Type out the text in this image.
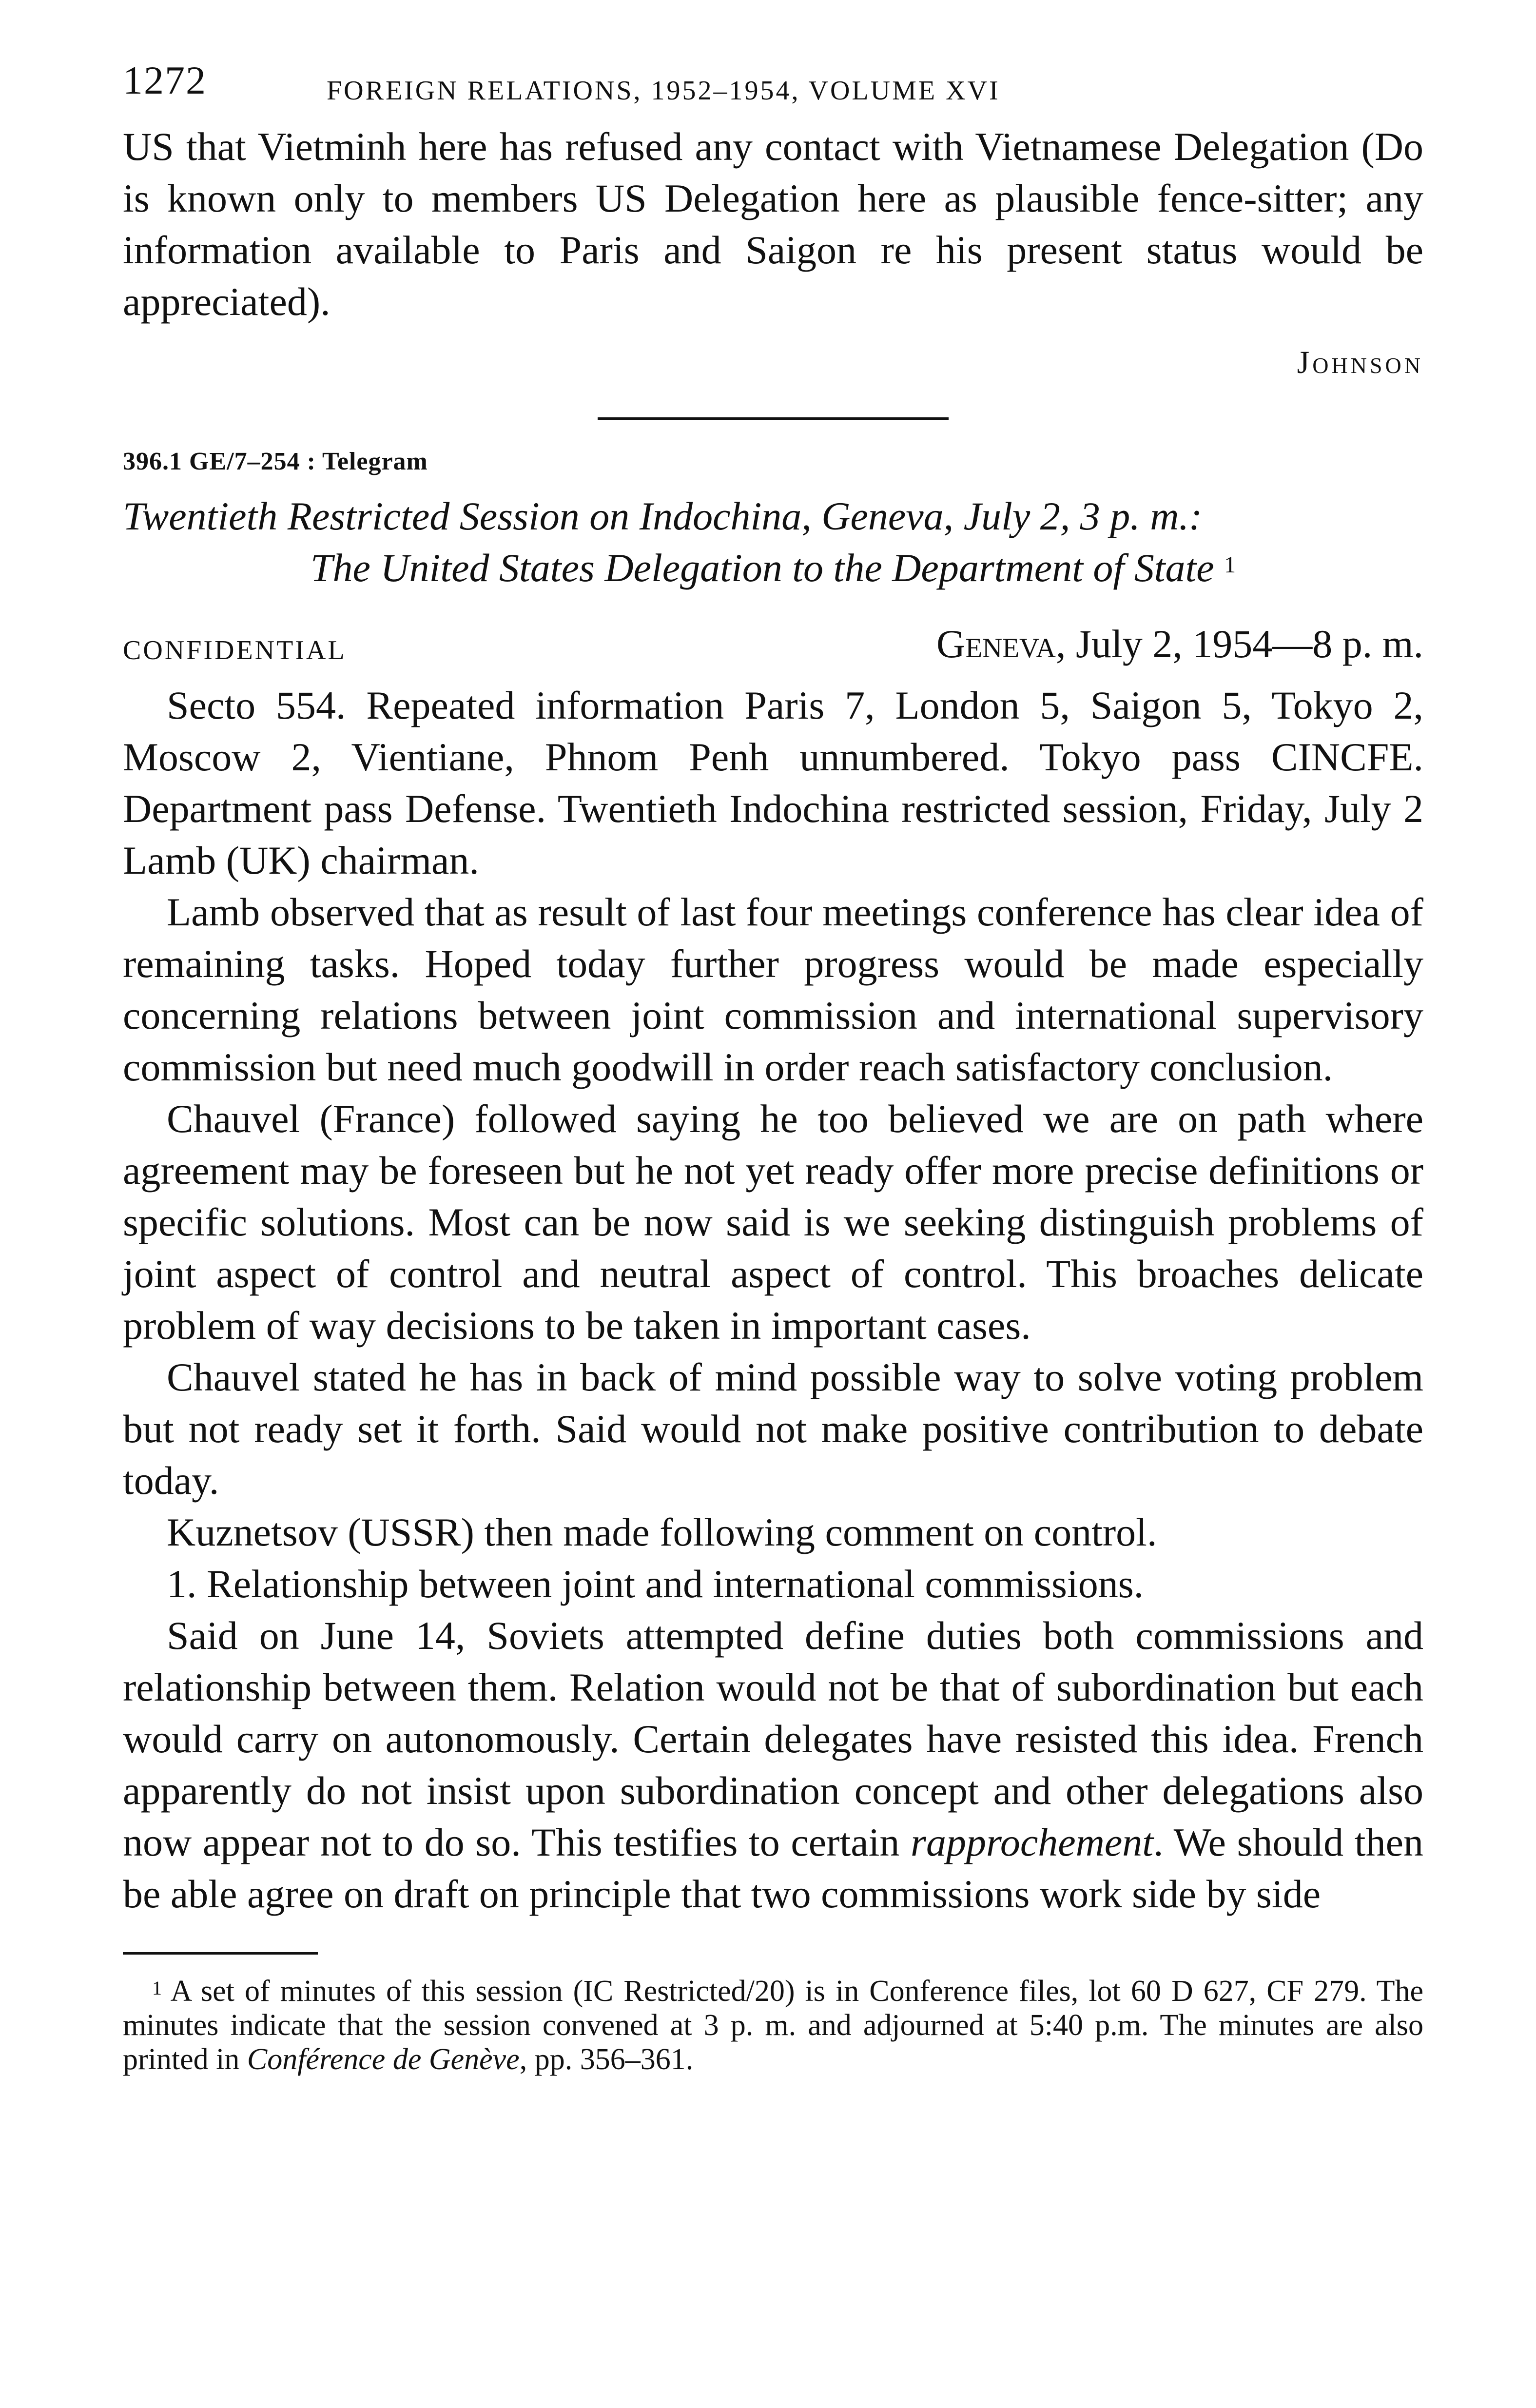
1272	FOREIGN RELATIONS, 1952–1954, VOLUME XVI

US that Vietminh here has refused any contact with Vietnamese Delegation (Do is known only to members US Delegation here as plausible fence-sitter; any information available to Paris and Saigon re his present status would be appreciated).

Johnson
396.1 GE/7–254 : Telegram
Twentieth Restricted Session on Indochina, Geneva, July 2, 3 p. m.:
The United States Delegation to the Department of State $^1$
CONFIDENTIAL	Geneva, July 2, 1954—8 p. m.

Secto 554. Repeated information Paris 7, London 5, Saigon 5, Tokyo 2, Moscow 2, Vientiane, Phnom Penh unnumbered. Tokyo pass CINCFE. Department pass Defense. Twentieth Indochina restricted session, Friday, July 2 Lamb (UK) chairman.

Lamb observed that as result of last four meetings conference has clear idea of remaining tasks. Hoped today further progress would be made especially concerning relations between joint commission and international supervisory commission but need much goodwill in order reach satisfactory conclusion.

Chauvel (France) followed saying he too believed we are on path where agreement may be foreseen but he not yet ready offer more precise definitions or specific solutions. Most can be now said is we seeking distinguish problems of joint aspect of control and neutral aspect of control. This broaches delicate problem of way decisions to be taken in important cases.

Chauvel stated he has in back of mind possible way to solve voting problem but not ready set it forth. Said would not make positive contribution to debate today.

Kuznetsov (USSR) then made following comment on control.

1. Relationship between joint and international commissions.

Said on June 14, Soviets attempted define duties both commissions and relationship between them. Relation would not be that of subordination but each would carry on autonomously. Certain delegates have resisted this idea. French apparently do not insist upon subordination concept and other delegations also now appear not to do so. This testifies to certain rapprochement. We should then be able agree on draft on principle that two commissions work side by side

$^1$ A set of minutes of this session (IC Restricted/20) is in Conference files, lot 60 D 627, CF 279. The minutes indicate that the session convened at 3 p. m. and adjourned at 5:40 p.m. The minutes are also printed in Conférence de Genève, pp. 356–361.
